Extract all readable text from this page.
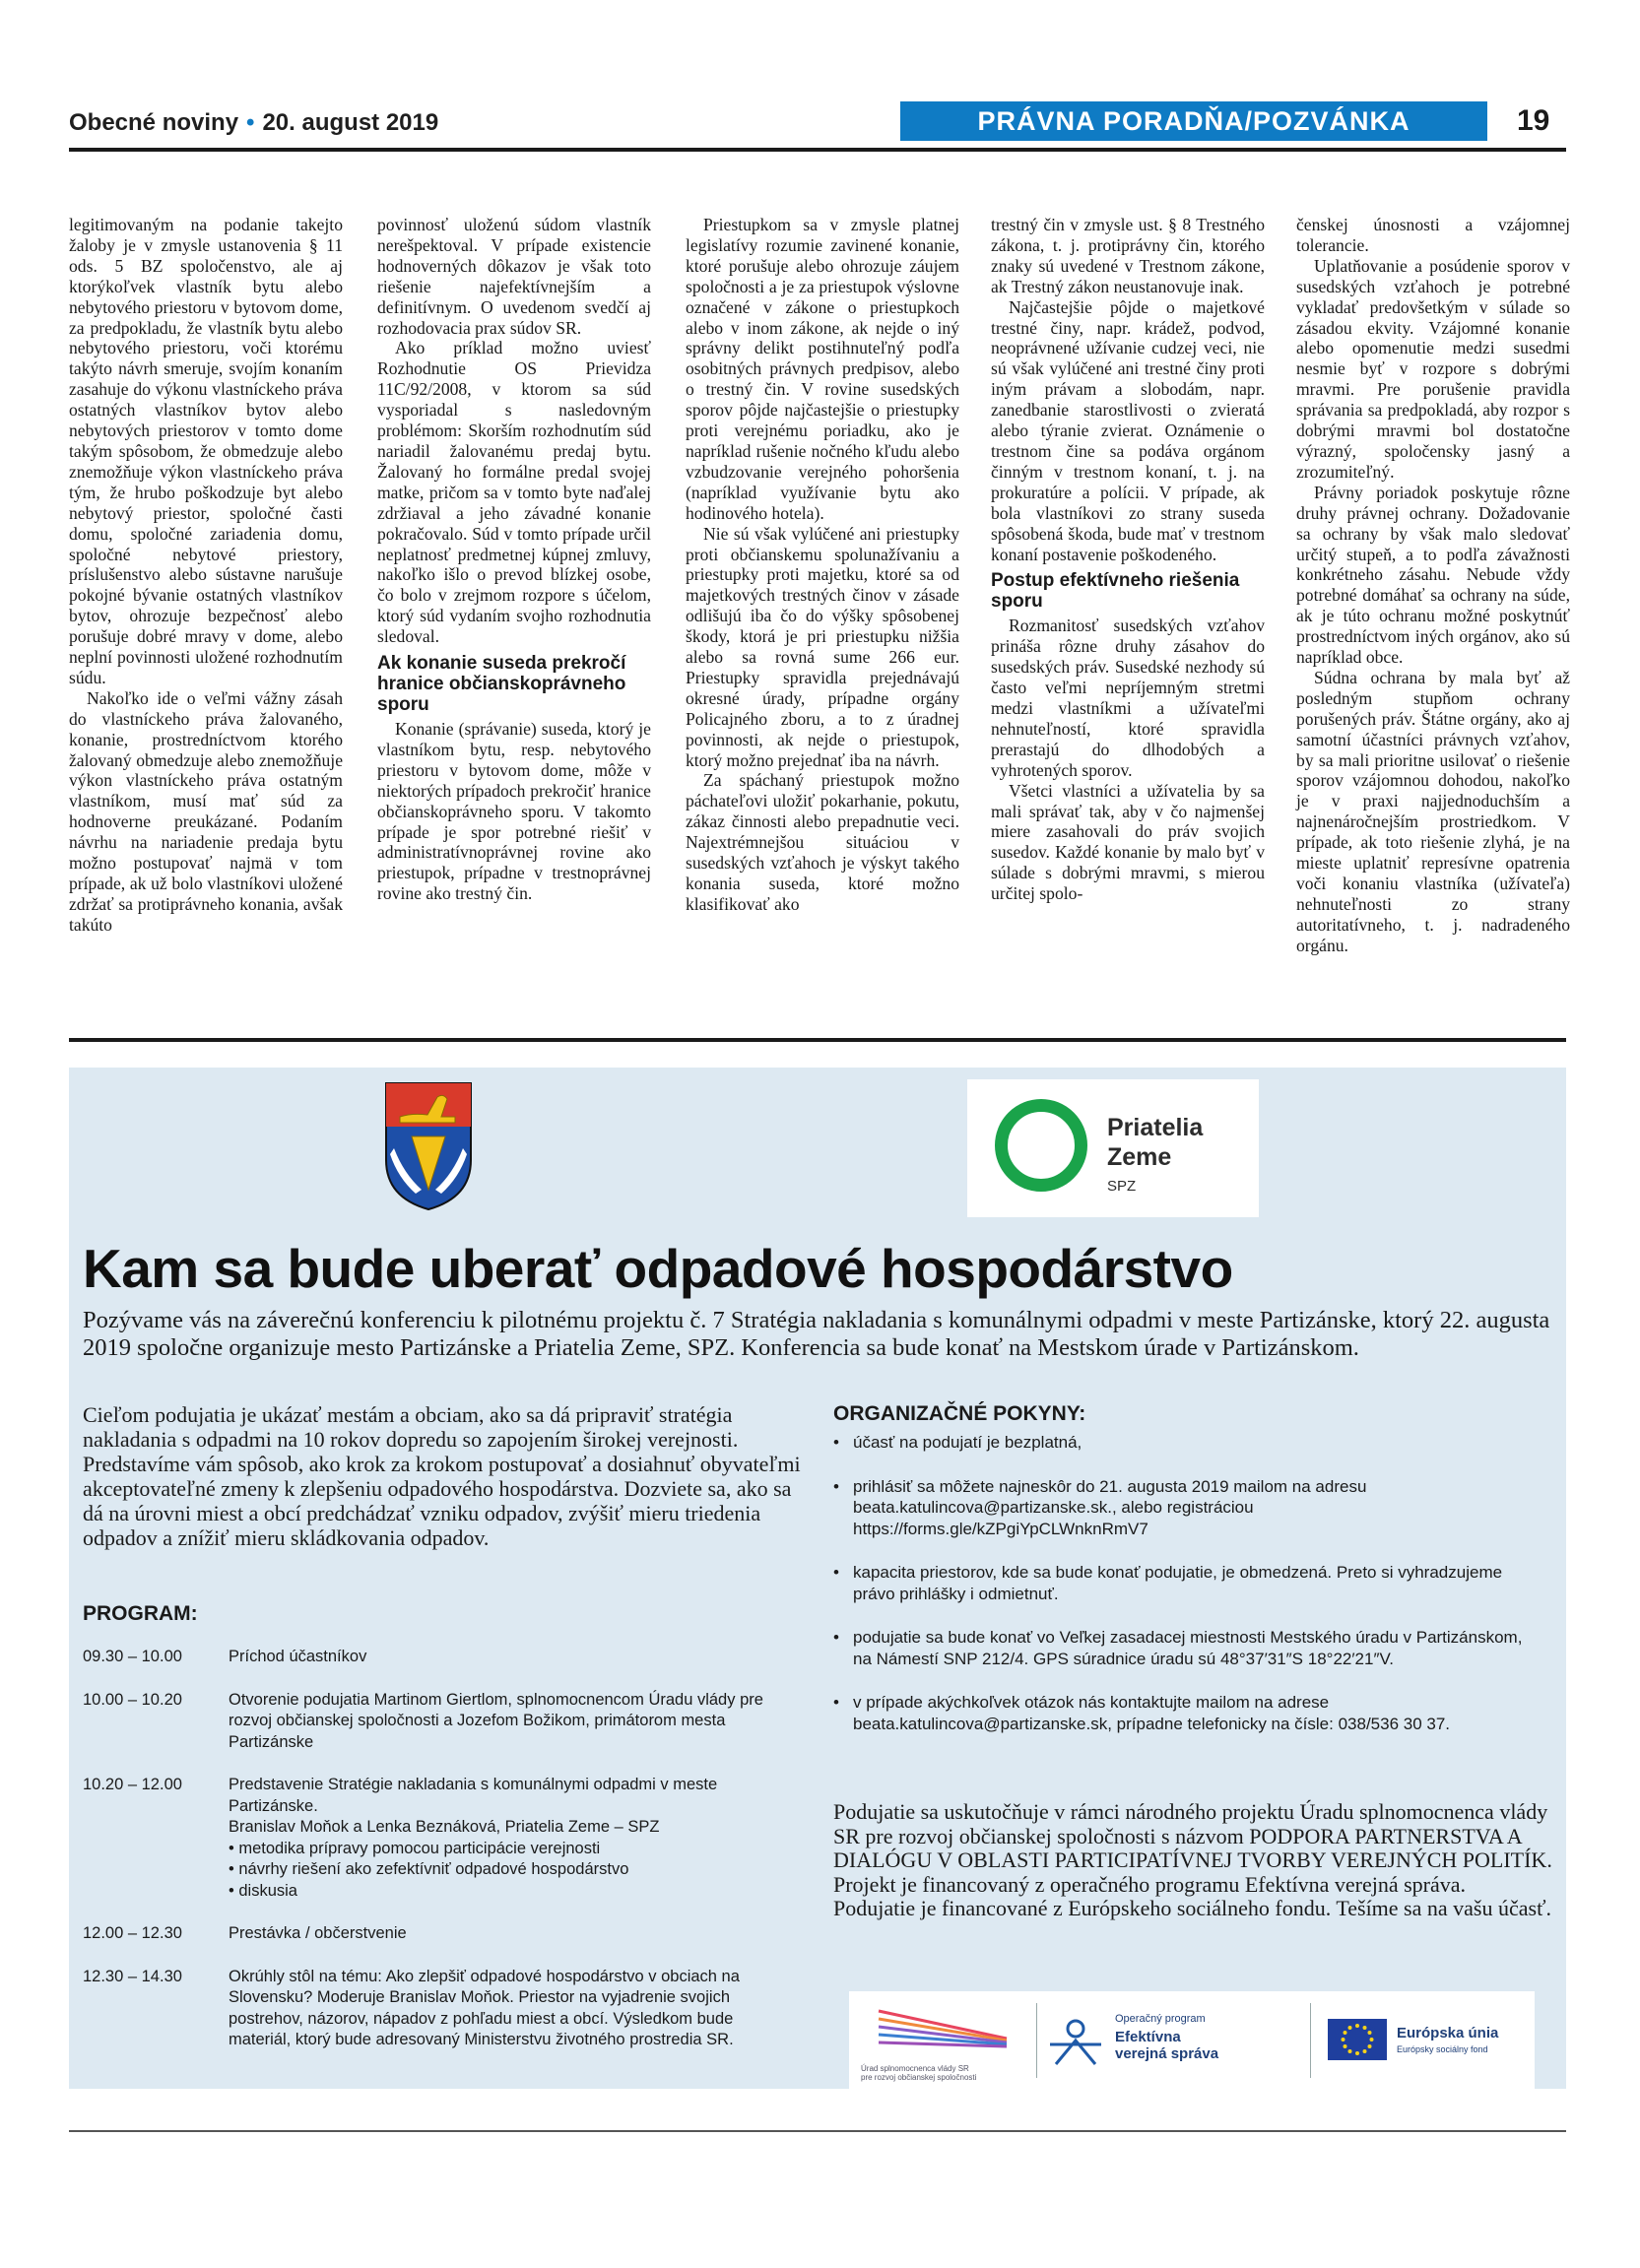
Obecné noviny • 20. august 2019	PRÁVNA PORADŇA/POZVÁNKA	19

legitimovaným na podanie takejto žaloby je v zmysle ustanovenia § 11 ods. 5 BZ spoločenstvo, ale aj ktorýkoľvek vlastník bytu alebo nebytového priestoru v bytovom dome, za predpokladu, že vlastník bytu alebo nebytového priestoru, voči ktorému takýto návrh smeruje, svojím konaním zasahuje do výkonu vlastníckeho práva ostatných vlastníkov bytov alebo nebytových priestorov v tomto dome takým spôsobom, že obmedzuje alebo znemožňuje výkon vlastníckeho práva tým, že hrubo poškodzuje byt alebo nebytový priestor, spoločné časti domu, spoločné zariadenia domu, spoločné nebytové priestory, príslušenstvo alebo sústavne narušuje pokojné bývanie ostatných vlastníkov bytov, ohrozuje bezpečnosť alebo porušuje dobré mravy v dome, alebo neplní povinnosti uložené rozhodnutím súdu.

Nakoľko ide o veľmi vážny zásah do vlastníckeho práva žalovaného, konanie, prostredníctvom ktorého žalovaný obmedzuje alebo znemožňuje výkon vlastníckeho práva ostatným vlastníkom, musí mať súd za hodnoverne preukázané. Podaním návrhu na nariadenie predaja bytu možno postupovať najmä v tom prípade, ak už bolo vlastníkovi uložené zdržať sa protiprávneho konania, avšak takúto

povinnosť uloženú súdom vlastník nerešpektoval. V prípade existencie hodnoverných dôkazov je však toto riešenie najefektívnejším a definitívnym. O uvedenom svedčí aj rozhodovacia prax súdov SR.

Ako príklad možno uviesť Rozhodnutie OS Prievidza 11C/92/2008, v ktorom sa súd vysporiadal s nasledovným problémom: Skorším rozhodnutím súd nariadil žalovanému predaj bytu. Žalovaný ho formálne predal svojej matke, pričom sa v tomto byte naďalej zdržiaval a jeho závadné konanie pokračovalo. Súd v tomto prípade určil neplatnosť predmetnej kúpnej zmluvy, nakoľko išlo o prevod blízkej osobe, čo bolo v zrejmom rozpore s účelom, ktorý súd vydaním svojho rozhodnutia sledoval.

Ak konanie suseda prekročí hranice občianskoprávneho sporu

Konanie (správanie) suseda, ktorý je vlastníkom bytu, resp. nebytového priestoru v bytovom dome, môže v niektorých prípadoch prekročiť hranice občianskoprávneho sporu. V takomto prípade je spor potrebné riešiť v administratívnoprávnej rovine ako priestupok, prípadne v trestnoprávnej rovine ako trestný čin.

Priestupkom sa v zmysle platnej legislatívy rozumie zavinené konanie, ktoré porušuje alebo ohrozuje záujem spoločnosti a je za priestupok výslovne označené v zákone o priestupkoch alebo v inom zákone, ak nejde o iný správny delikt postihnuteľný podľa osobitných právnych predpisov, alebo o trestný čin. V rovine susedských sporov pôjde najčastejšie o priestupky proti verejnému poriadku, ako je napríklad rušenie nočného kľudu alebo vzbudzovanie verejného pohoršenia (napríklad využívanie bytu ako hodinového hotela).

Nie sú však vylúčené ani priestupky proti občianskemu spolunažívaniu a priestupky proti majetku, ktoré sa od majetkových trestných činov v zásade odlišujú iba čo do výšky spôsobenej škody, ktorá je pri priestupku nižšia alebo sa rovná sume 266 eur. Priestupky spravidla prejednávajú okresné úrady, prípadne orgány Policajného zboru, a to z úradnej povinnosti, ak nejde o priestupok, ktorý možno prejednať iba na návrh.

Za spáchaný priestupok možno páchateľovi uložiť pokarhanie, pokutu, zákaz činnosti alebo prepadnutie veci. Najextrémnejšou situáciou v susedských vzťahoch je výskyt takého konania suseda, ktoré možno klasifikovať ako

trestný čin v zmysle ust. § 8 Trestného zákona, t. j. protiprávny čin, ktorého znaky sú uvedené v Trestnom zákone, ak Trestný zákon neustanovuje inak.

Najčastejšie pôjde o majetkové trestné činy, napr. krádež, podvod, neoprávnené užívanie cudzej veci, nie sú však vylúčené ani trestné činy proti iným právam a slobodám, napr. zanedbanie starostlivosti o zvieratá alebo týranie zvierat. Oznámenie o trestnom čine sa podáva orgánom činným v trestnom konaní, t. j. na prokuratúre a polícii. V prípade, ak bola vlastníkovi zo strany suseda spôsobená škoda, bude mať v trestnom konaní postavenie poškodeného.

Postup efektívneho riešenia sporu

Rozmanitosť susedských vzťahov prináša rôzne druhy zásahov do susedských práv. Susedské nezhody sú často veľmi nepríjemným stretmi medzi vlastníkmi a užívateľmi nehnuteľností, ktoré spravidla prerastajú do dlhodobých a vyhrotených sporov.

Všetci vlastníci a užívatelia by sa mali správať tak, aby v čo najmenšej miere zasahovali do práv svojich susedov. Každé konanie by malo byť v súlade s dobrými mravmi, s mierou určitej spolo-

čenskej únosnosti a vzájomnej tolerancie.

Uplatňovanie a posúdenie sporov v susedských vzťahoch je potrebné vykladať predovšetkým v súlade so zásadou ekvity. Vzájomné konanie alebo opomenutie medzi susedmi nesmie byť v rozpore s dobrými mravmi. Pre porušenie pravidla správania sa predpokladá, aby rozpor s dobrými mravmi bol dostatočne výrazný, spoločensky jasný a zrozumiteľný.

Právny poriadok poskytuje rôzne druhy právnej ochrany. Dožadovanie sa ochrany by však malo sledovať určitý stupeň, a to podľa závažnosti konkrétneho zásahu. Nebude vždy potrebné domáhať sa ochrany na súde, ak je túto ochranu možné poskytnúť prostredníctvom iných orgánov, ako sú napríklad obce.

Súdna ochrana by mala byť až posledným stupňom ochrany porušených práv. Štátne orgány, ako aj samotní účastníci právnych vzťahov, by sa mali prioritne usilovať o riešenie sporov vzájomnou dohodou, nakoľko je v praxi najjednoduchším a najnenáročnejším prostriedkom. V prípade, ak toto riešenie zlyhá, je na mieste uplatniť represívne opatrenia voči konaniu vlastníka (užívateľa) nehnuteľnosti zo strany autoritatívneho, t. j. nadradeného orgánu.

Priatelia
Zeme
SPZ
Kam sa bude uberať odpadové hospodárstvo
Pozývame vás na záverečnú konferenciu k pilotnému projektu č. 7 Stratégia nakladania s komunálnymi odpadmi v meste Partizánske, ktorý 22. augusta 2019 spoločne organizuje mesto Partizánske a Priatelia Zeme, SPZ. Konferencia sa bude konať na Mestskom úrade v Partizánskom.
Cieľom podujatia je ukázať mestám a obciam, ako sa dá pripraviť stratégia nakladania s odpadmi na 10 rokov dopredu so zapojením širokej verejnosti. Predstavíme vám spôsob, ako krok za krokom postupovať a dosiahnuť obyvateľmi akceptovateľné zmeny k zlepšeniu odpadového hospodárstva. Dozviete sa, ako sa dá na úrovni miest a obcí predchádzať vzniku odpadov, zvýšiť mieru triedenia odpadov a znížiť mieru skládkovania odpadov.
PROGRAM:
09.30 – 10.00	Príchod účastníkov
10.00 – 10.20	Otvorenie podujatia Martinom Giertlom, splnomocnencom Úradu vlády pre rozvoj občianskej spoločnosti a Jozefom Božikom, primátorom mesta Partizánske
10.20 – 12.00	Predstavenie Stratégie nakladania s komunálnymi odpadmi v meste Partizánske.
Branislav Moňok a Lenka Beznáková, Priatelia Zeme – SPZ
• metodika prípravy pomocou participácie verejnosti
• návrhy riešení ako zefektívniť odpadové hospodárstvo
• diskusia
12.00 – 12.30	Prestávka / občerstvenie
12.30 – 14.30	Okrúhly stôl na tému: Ako zlepšiť odpadové hospodárstvo v obciach na Slovensku? Moderuje Branislav Moňok. Priestor na vyjadrenie svojich postrehov, názorov, nápadov z pohľadu miest a obcí. Výsledkom bude materiál, ktorý bude adresovaný Ministerstvu životného prostredia SR.
ORGANIZAČNÉ POKYNY:
• účasť na podujatí je bezplatná,
• prihlásiť sa môžete najneskôr do 21. augusta 2019 mailom na adresu beata.katulincova@partizanske.sk., alebo registráciou https://forms.gle/kZPgiYpCLWnknRmV7
• kapacita priestorov, kde sa bude konať podujatie, je obmedzená. Preto si vyhradzujeme právo prihlášky i odmietnuť.
• podujatie sa bude konať vo Veľkej zasadacej miestnosti Mestského úradu v Partizánskom, na Námestí SNP 212/4. GPS súradnice úradu sú 48°37′31″S 18°22′21″V.
• v prípade akýchkoľvek otázok nás kontaktujte mailom na adrese beata.katulincova@partizanske.sk, prípadne telefonicky na čísle: 038/536 30 37.
Podujatie sa uskutočňuje v rámci národného projektu Úradu splnomocnenca vlády SR pre rozvoj občianskej spoločnosti s názvom PODPORA PARTNERSTVA A DIALÓGU V OBLASTI PARTICIPATÍVNEJ TVORBY VEREJNÝCH POLITÍK. Projekt je financovaný z operačného programu Efektívna verejná správa. Podujatie je financované z Európskeho sociálneho fondu. Tešíme sa na vašu účasť.
Úrad splnomocnenca vlády SR
pre rozvoj občianskej spoločnosti
Operačný program
Efektívna
verejná správa
Európska únia
Európsky sociálny fond
